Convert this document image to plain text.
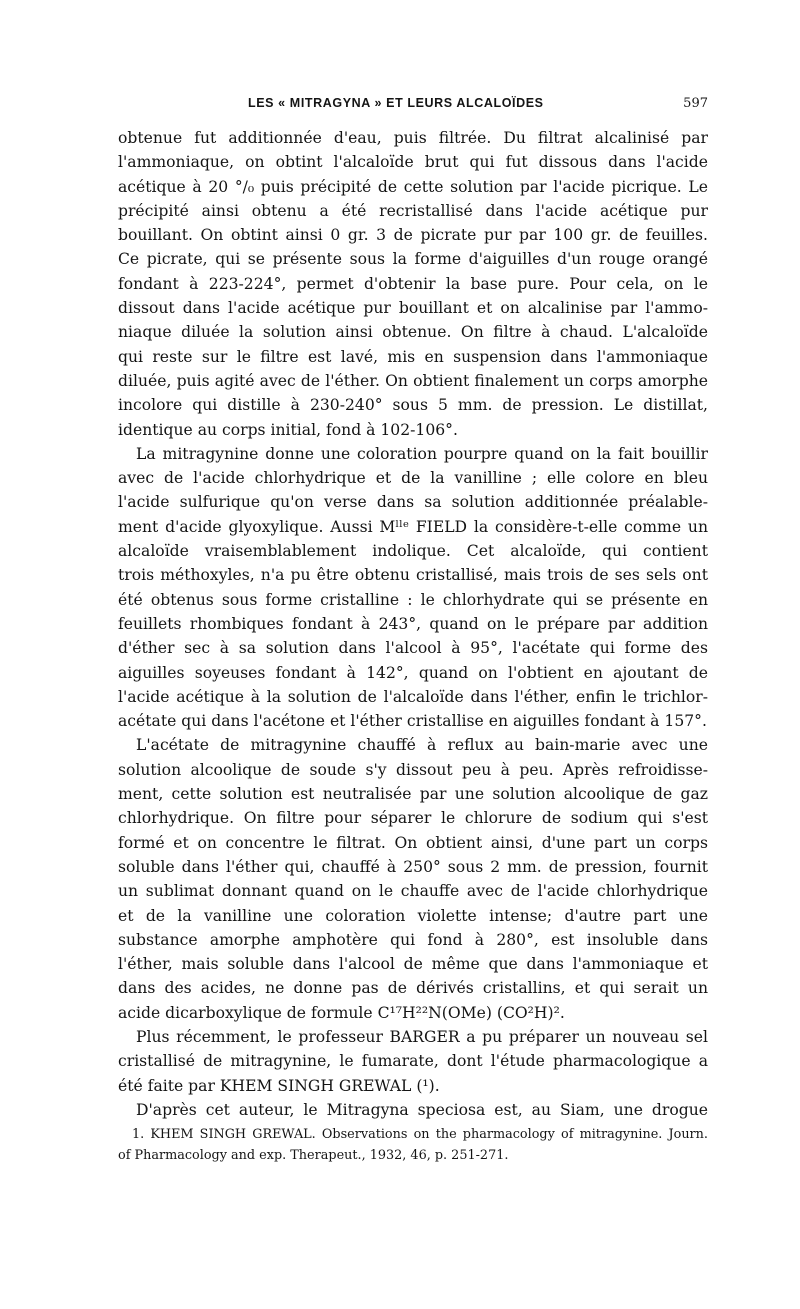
LES « MITRAGYNA » ET LEURS ALCALOÏDES	597
obtenue fut additionnée d'eau, puis filtrée. Du filtrat alcalinisé par
l'ammoniaque, on obtint l'alcaloïde brut qui fut dissous dans l'acide
acétique à 20 °/₀ puis précipité de cette solution par l'acide picrique. Le
précipité ainsi obtenu a été recristallisé dans l'acide acétique pur
bouillant. On obtint ainsi 0 gr. 3 de picrate pur par 100 gr. de feuilles.
Ce picrate, qui se présente sous la forme d'aiguilles d'un rouge orangé
fondant à 223-224°, permet d'obtenir la base pure. Pour cela, on le
dissout dans l'acide acétique pur bouillant et on alcalinise par l'ammo-
niaque diluée la solution ainsi obtenue. On filtre à chaud. L'alcaloïde
qui reste sur le filtre est lavé, mis en suspension dans l'ammoniaque
diluée, puis agité avec de l'éther. On obtient finalement un corps amorphe
incolore qui distille à 230-240° sous 5 mm. de pression. Le distillat,
identique au corps initial, fond à 102-106°.
La mitragynine donne une coloration pourpre quand on la fait bouillir
avec de l'acide chlorhydrique et de la vanilline ; elle colore en bleu
l'acide sulfurique qu'on verse dans sa solution additionnée préalable-
ment d'acide glyoxylique. Aussi Mˡˡᵉ FIELD la considère-t-elle comme un
alcaloïde vraisemblablement indolique. Cet alcaloïde, qui contient
trois méthoxyles, n'a pu être obtenu cristallisé, mais trois de ses sels ont
été obtenus sous forme cristalline : le chlorhydrate qui se présente en
feuillets rhombiques fondant à 243°, quand on le prépare par addition
d'éther sec à sa solution dans l'alcool à 95°, l'acétate qui forme des
aiguilles soyeuses fondant à 142°, quand on l'obtient en ajoutant de
l'acide acétique à la solution de l'alcaloïde dans l'éther, enfin le trichlor-
acétate qui dans l'acétone et l'éther cristallise en aiguilles fondant à 157°.
L'acétate de mitragynine chauffé à reflux au bain-marie avec une
solution alcoolique de soude s'y dissout peu à peu. Après refroidisse-
ment, cette solution est neutralisée par une solution alcoolique de gaz
chlorhydrique. On filtre pour séparer le chlorure de sodium qui s'est
formé et on concentre le filtrat. On obtient ainsi, d'une part un corps
soluble dans l'éther qui, chauffé à 250° sous 2 mm. de pression, fournit
un sublimat donnant quand on le chauffe avec de l'acide chlorhydrique
et de la vanilline une coloration violette intense; d'autre part une
substance amorphe amphotère qui fond à 280°, est insoluble dans
l'éther, mais soluble dans l'alcool de même que dans l'ammoniaque et
dans des acides, ne donne pas de dérivés cristallins, et qui serait un
acide dicarboxylique de formule C¹⁷H²²N(OMe) (CO²H)².
Plus récemment, le professeur BARGER a pu préparer un nouveau sel
cristallisé de mitragynine, le fumarate, dont l'étude pharmacologique a
été faite par KHEM SINGH GREWAL (¹).
D'après cet auteur, le Mitragyna speciosa est, au Siam, une drogue
1. KHEM SINGH GREWAL. Observations on the pharmacology of mitragynine. Journ.
of Pharmacology and exp. Therapeut., 1932, 46, p. 251-271.
